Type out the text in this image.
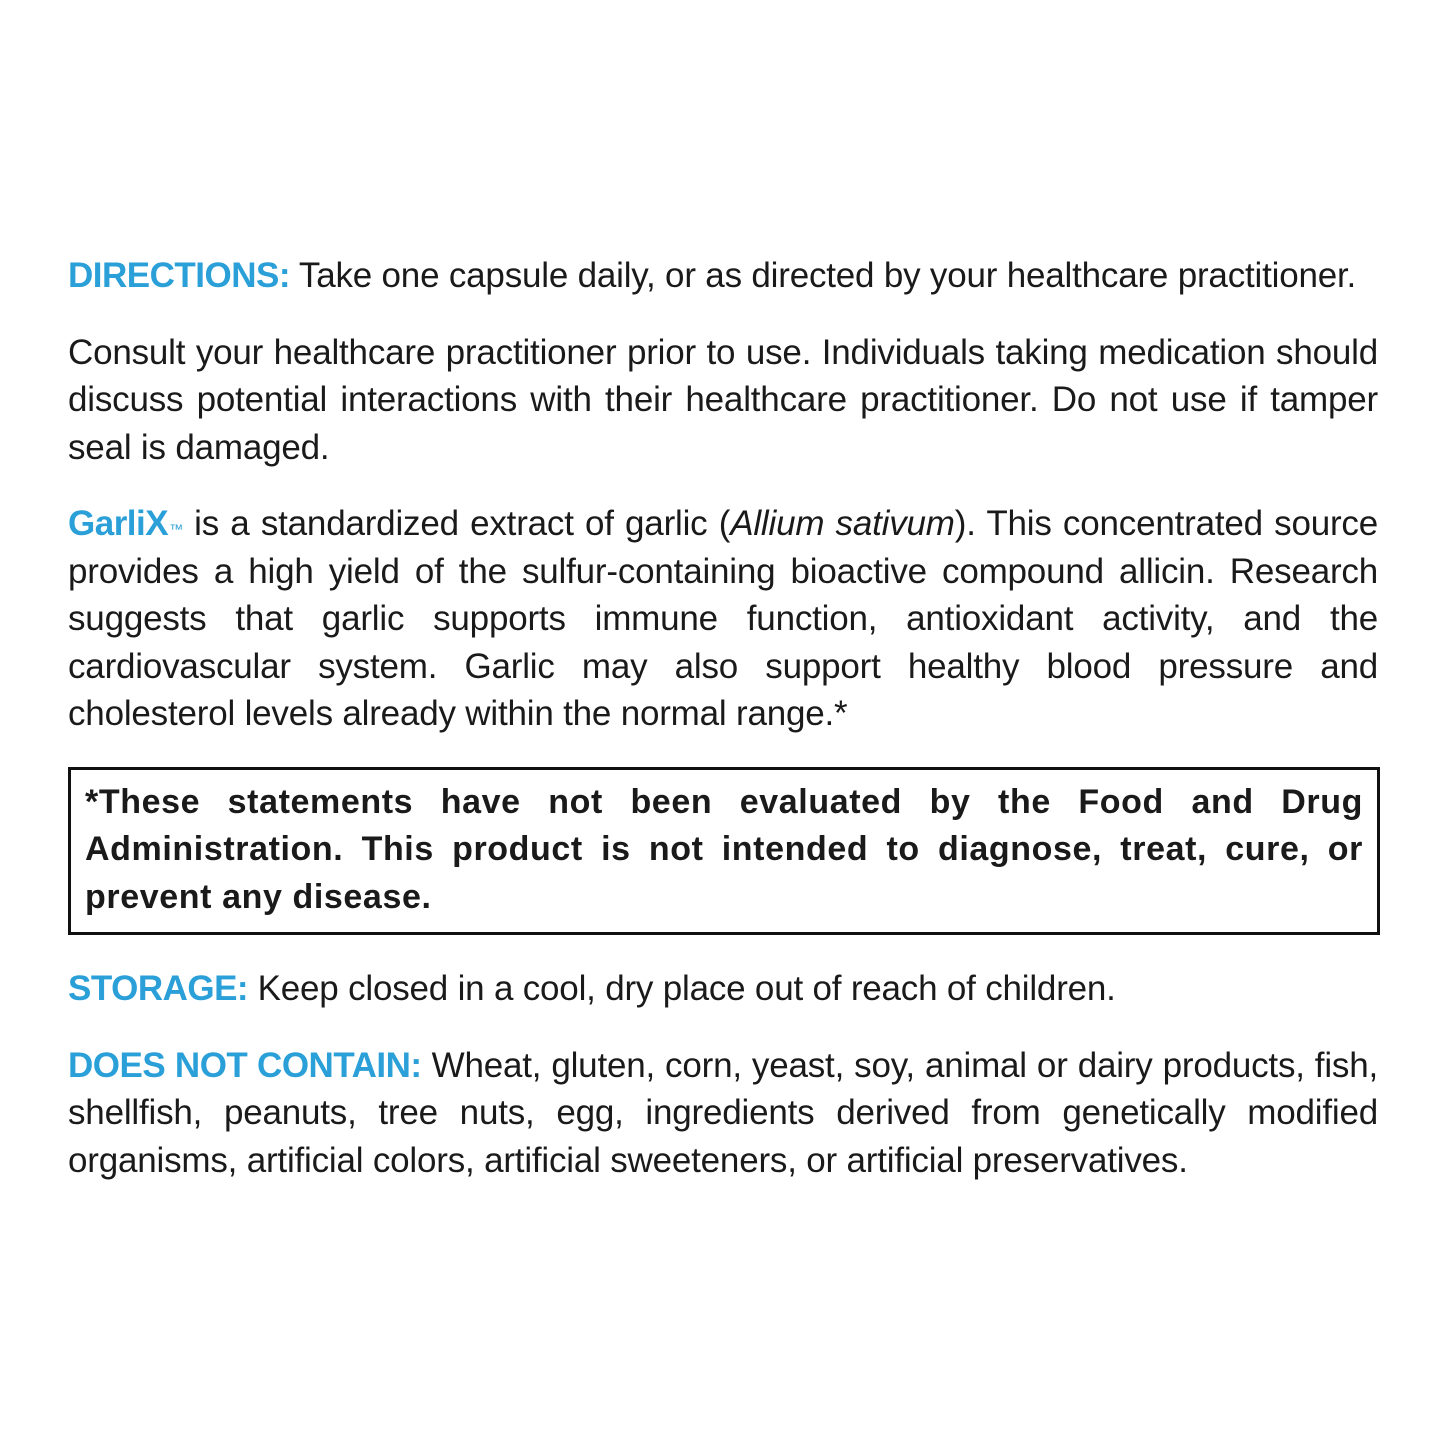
DIRECTIONS: Take one capsule daily, or as directed by your healthcare practitioner.

Consult your healthcare practitioner prior to use. Individuals taking medication should discuss potential interactions with their healthcare practitioner. Do not use if tamper seal is damaged.

GarliX™ is a standardized extract of garlic (Allium sativum). This concentrated source provides a high yield of the sulfur-containing bioactive compound allicin. Research suggests that garlic supports immune function, antioxidant activity, and the cardiovascular system. Garlic may also support healthy blood pressure and cholesterol levels already within the normal range.*

*These statements have not been evaluated by the Food and Drug Administration. This product is not intended to diagnose, treat, cure, or prevent any disease.

STORAGE: Keep closed in a cool, dry place out of reach of children.

DOES NOT CONTAIN: Wheat, gluten, corn, yeast, soy, animal or dairy products, fish, shellfish, peanuts, tree nuts, egg, ingredients derived from genetically modified organisms, artificial colors, artificial sweeteners, or artificial preservatives.
